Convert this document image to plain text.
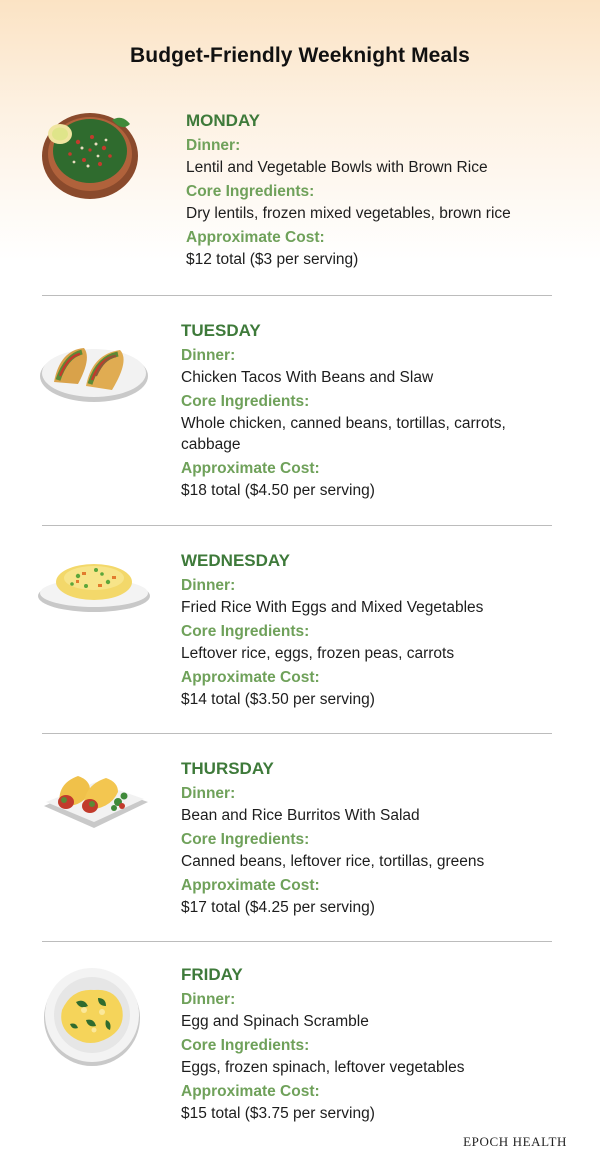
Budget-Friendly Weeknight Meals
MONDAY
Dinner:
Lentil and Vegetable Bowls with Brown Rice
Core Ingredients:
Dry lentils, frozen mixed vegetables, brown rice
Approximate Cost:
$12 total ($3 per serving)
TUESDAY
Dinner:
Chicken Tacos With Beans and Slaw
Core Ingredients:
Whole chicken, canned beans, tortillas, carrots, cabbage
Approximate Cost:
$18 total ($4.50 per serving)
WEDNESDAY
Dinner:
Fried Rice With Eggs and Mixed Vegetables
Core Ingredients:
Leftover rice, eggs, frozen peas, carrots
Approximate Cost:
$14 total ($3.50 per serving)
THURSDAY
Dinner:
Bean and Rice Burritos With Salad
Core Ingredients:
Canned beans, leftover rice, tortillas, greens
Approximate Cost:
$17 total ($4.25 per serving)
FRIDAY
Dinner:
Egg and Spinach Scramble
Core Ingredients:
Eggs, frozen spinach, leftover vegetables
Approximate Cost:
$15 total ($3.75 per serving)
EPOCH HEALTH
